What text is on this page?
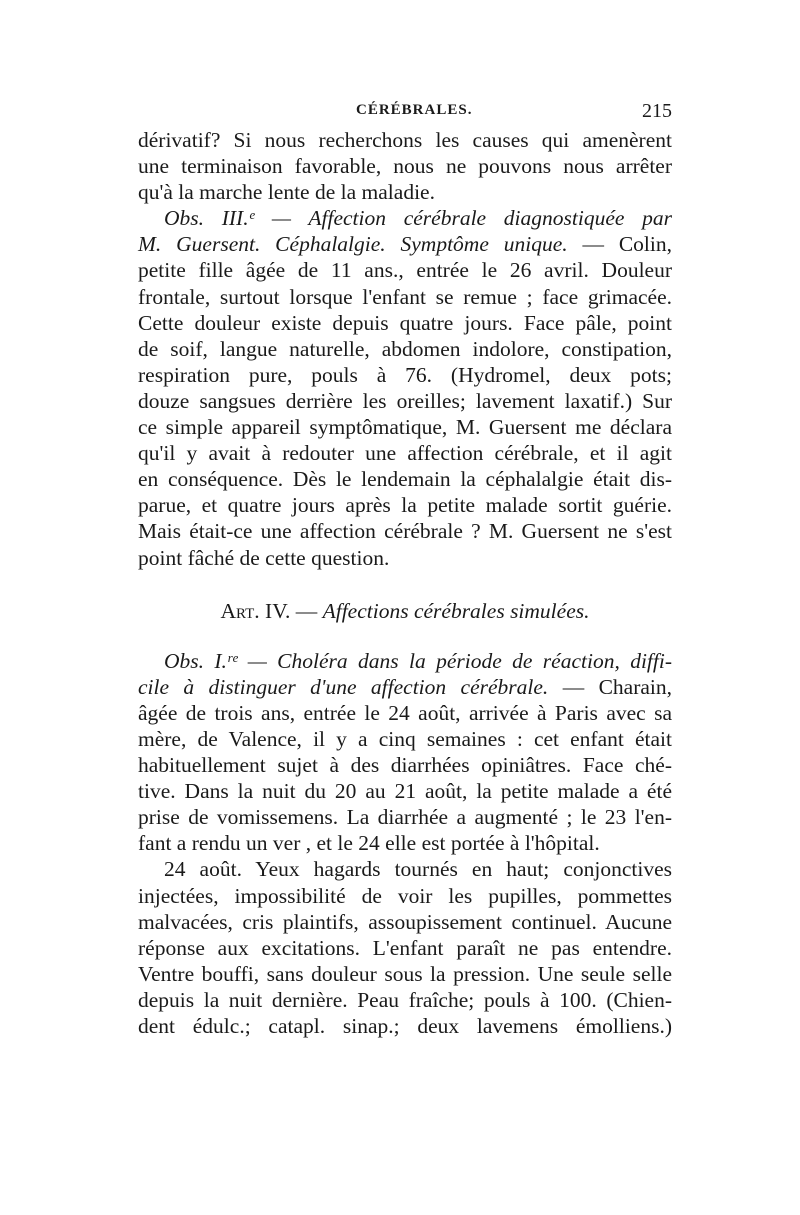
CÉRÉBRALES.	215
dérivatif? Si nous recherchons les causes qui amenèrent
une terminaison favorable, nous ne pouvons nous arrêter
qu'à la marche lente de la maladie.
Obs. III.ᵉ — Affection cérébrale diagnostiquée par
M. Guersent. Céphalalgie. Symptôme unique. — Colin,
petite fille âgée de 11 ans., entrée le 26 avril. Douleur
frontale, surtout lorsque l'enfant se remue ; face grimacée.
Cette douleur existe depuis quatre jours. Face pâle, point
de soif, langue naturelle, abdomen indolore, constipation,
respiration pure, pouls à 76. (Hydromel, deux pots;
douze sangsues derrière les oreilles; lavement laxatif.) Sur
ce simple appareil symptômatique, M. Guersent me déclara
qu'il y avait à redouter une affection cérébrale, et il agit
en conséquence. Dès le lendemain la céphalalgie était dis-
parue, et quatre jours après la petite malade sortit guérie.
Mais était-ce une affection cérébrale ? M. Guersent ne s'est
point fâché de cette question.
Art. IV. — Affections cérébrales simulées.
Obs. I.ʳᵉ — Choléra dans la période de réaction, diffi-
cile à distinguer d'une affection cérébrale. — Charain,
âgée de trois ans, entrée le 24 août, arrivée à Paris avec sa
mère, de Valence, il y a cinq semaines : cet enfant était
habituellement sujet à des diarrhées opiniâtres. Face ché-
tive. Dans la nuit du 20 au 21 août, la petite malade a été
prise de vomissemens. La diarrhée a augmenté ; le 23 l'en-
fant a rendu un ver , et le 24 elle est portée à l'hôpital.
24 août. Yeux hagards tournés en haut; conjonctives
injectées, impossibilité de voir les pupilles, pommettes
malvacées, cris plaintifs, assoupissement continuel. Aucune
réponse aux excitations. L'enfant paraît ne pas entendre.
Ventre bouffi, sans douleur sous la pression. Une seule selle
depuis la nuit dernière. Peau fraîche; pouls à 100. (Chien-
dent édulc.; catapl. sinap.; deux lavemens émolliens.)
